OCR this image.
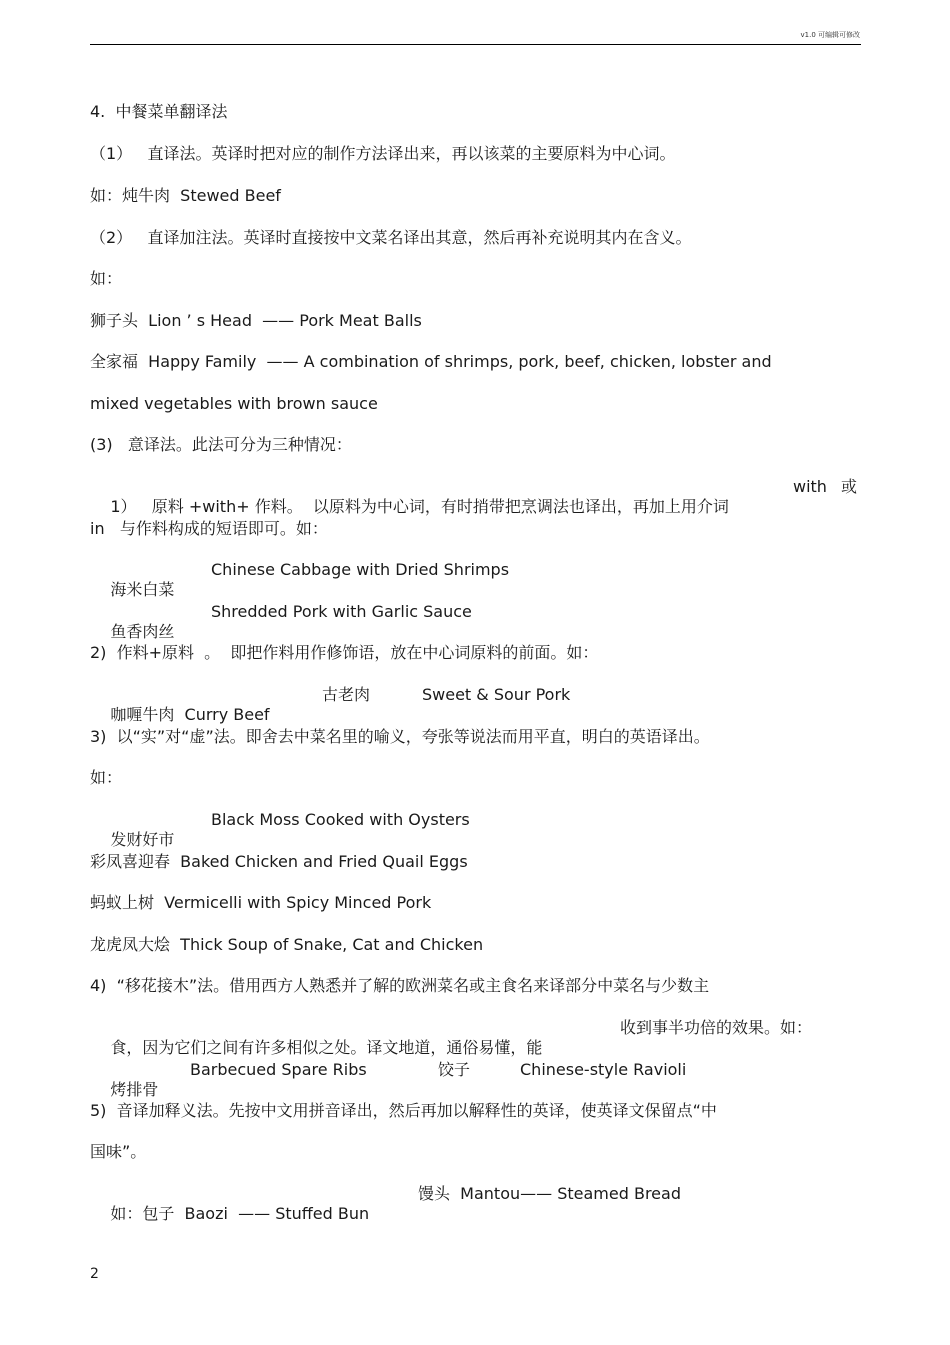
v1.0 可编辑可修改
4.  中餐菜单翻译法
（1）   直译法。英译时把对应的制作方法译出来，再以该菜的主要原料为中心词。
如：炖牛肉  Stewed Beef
（2）   直译加注法。英译时直接按中文菜名译出其意，然后再补充说明其内在含义。
如：
狮子头  Lion ’ s Head  —— Pork Meat Balls
全家福  Happy Family  —— A combination of shrimps, pork, beef, chicken, lobster and
mixed vegetables with brown sauce
(3)   意译法。此法可分为三种情况：

1）   原料 +with+ 作料。  以原料为中心词，有时捎带把烹调法也译出，再加上用介词

with

或

in   与作料构成的短语即可。如：

海米白菜

Chinese Cabbage with Dried Shrimps

鱼香肉丝

Shredded Pork with Garlic Sauce

2)  作料+原料  。  即把作料用作修饰语，放在中心词原料的前面。如：

咖喱牛肉  Curry Beef

古老肉

	Sweet & Sour Pork

3)  以“实”对“虚”法。即舍去中菜名里的喻义，夸张等说法而用平直，明白的英语译出。
如：

发财好市

Black Moss Cooked with Oysters

彩凤喜迎春  Baked Chicken and Fried Quail Eggs
蚂蚁上树  Vermicelli with Spicy Minced Pork
龙虎凤大烩  Thick Soup of Snake, Cat and Chicken
4)  “移花接木”法。借用西方人熟悉并了解的欧洲菜名或主食名来译部分中菜名与少数主

食，因为它们之间有许多相似之处。译文地道，通俗易懂，能

收到事半功倍的效果。如：

烤排骨

Barbecued Spare Ribs

	饺子

	Chinese-style Ravioli

5)  音译加释义法。先按中文用拼音译出，然后再加以解释性的英译，使英译文保留点“中
国味”。

如：包子  Baozi  —— Stuffed Bun

馒头  Mantou—— Steamed Bread

2
